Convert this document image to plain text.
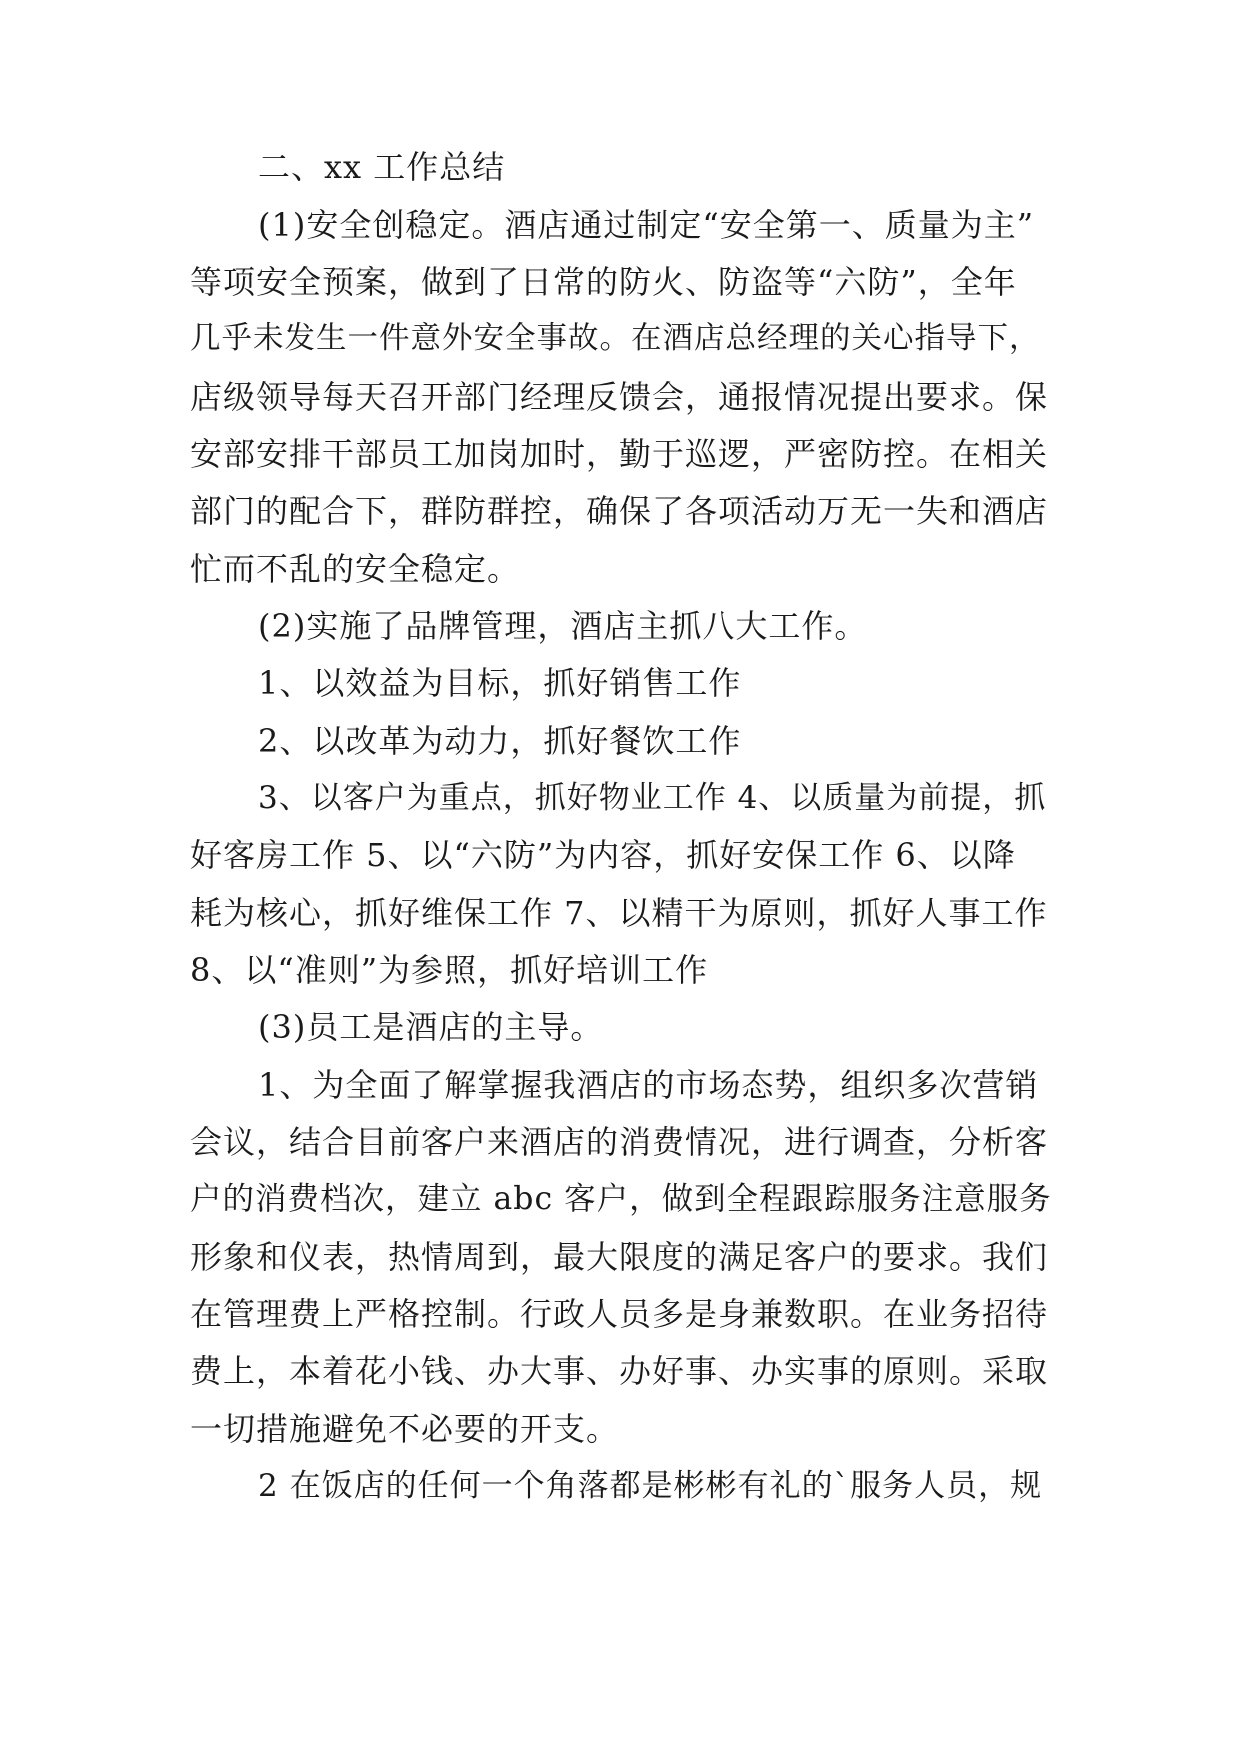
二、xx 工作总结
(1)安全创稳定。酒店通过制定“安全第一、质量为主”
等项安全预案，做到了日常的防火、防盗等“六防”，全年
几乎未发生一件意外安全事故。在酒店总经理的关心指导下，
店级领导每天召开部门经理反馈会，通报情况提出要求。保
安部安排干部员工加岗加时，勤于巡逻，严密防控。在相关
部门的配合下，群防群控，确保了各项活动万无一失和酒店
忙而不乱的安全稳定。
(2)实施了品牌管理，酒店主抓八大工作。
1、以效益为目标，抓好销售工作
2、以改革为动力，抓好餐饮工作
3、以客户为重点，抓好物业工作 4、以质量为前提，抓
好客房工作 5、以“六防”为内容，抓好安保工作 6、以降
耗为核心，抓好维保工作 7、以精干为原则，抓好人事工作
8、以“准则”为参照，抓好培训工作
(3)员工是酒店的主导。
1、为全面了解掌握我酒店的市场态势，组织多次营销
会议，结合目前客户来酒店的消费情况，进行调查，分析客
户的消费档次，建立 abc 客户，做到全程跟踪服务注意服务
形象和仪表，热情周到，最大限度的满足客户的要求。我们
在管理费上严格控制。行政人员多是身兼数职。在业务招待
费上，本着花小钱、办大事、办好事、办实事的原则。采取
一切措施避免不必要的开支。
2 在饭店的任何一个角落都是彬彬有礼的`服务人员，规
